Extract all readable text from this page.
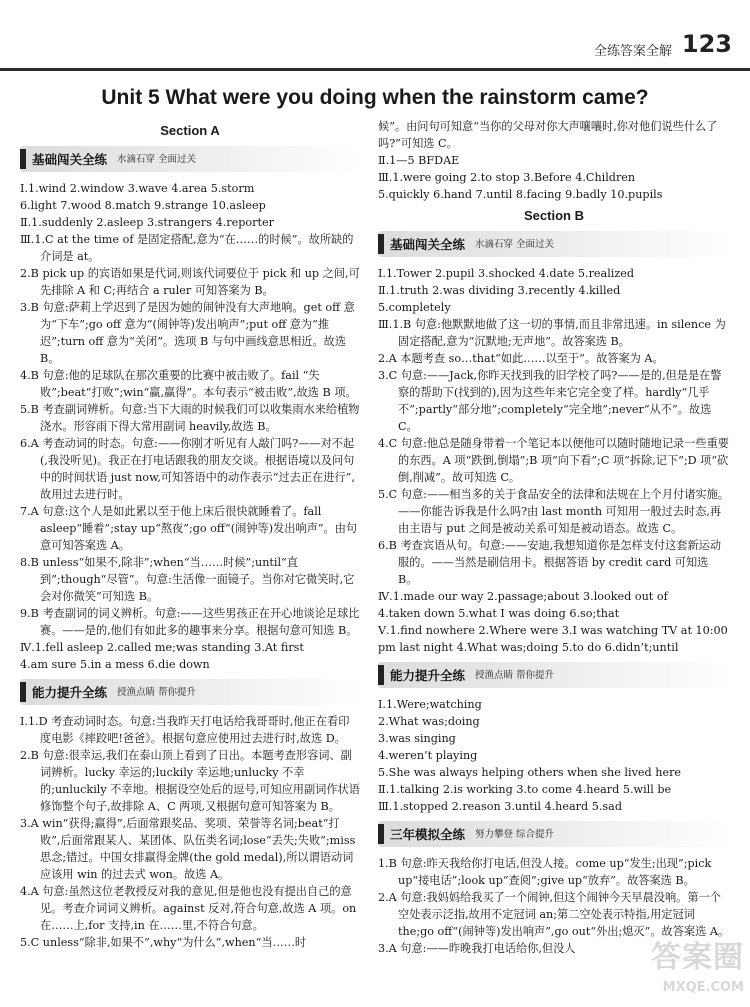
全练答案全解 123
Unit 5 What were you doing when the rainstorm came?
Section A
基础闯关全练 水滴石穿 全面过关

Ⅰ.1.wind 2.window 3.wave 4.area 5.storm

6.light 7.wood 8.match 9.strange 10.asleep

Ⅱ.1.suddenly 2.asleep 3.strangers 4.reporter

Ⅲ.1.C at the time of 是固定搭配,意为“在……的时候”。故所缺的介词是 at。

2.B pick up 的宾语如果是代词,则该代词要位于 pick 和 up 之间,可先排除 A 和 C;再结合 a ruler 可知答案为 B。

3.B 句意:萨莉上学迟到了是因为她的闹钟没有大声地响。get off 意为“下车”;go off 意为“(闹钟等)发出响声”;put off 意为“推迟”;turn off 意为“关闭”。选项 B 与句中画线意思相近。故选 B。

4.B 句意:他的足球队在那次重要的比赛中被击败了。fail “失败”;beat“打败”;win“赢,赢得”。本句表示“被击败”,故选 B 项。

5.B 考查副词辨析。句意:当下大雨的时候我们可以收集雨水来给植物浇水。形容雨下得大常用副词 heavily,故选 B。

6.A 考查动词的时态。句意:——你刚才听见有人敲门吗?——对不起(,我没听见)。我正在打电话跟我的朋友交谈。根据语境以及问句中的时间状语 just now,可知答语中的动作表示“过去正在进行”,故用过去进行时。

7.A 句意:这个人是如此累以至于他上床后很快就睡着了。fall asleep“睡着”;stay up“熬夜”;go off“(闹钟等)发出响声”。由句意可知答案选 A。

8.B unless“如果不,除非”;when“当……时候”;until“直到”;though“尽管”。句意:生活像一面镜子。当你对它微笑时,它会对你微笑”可知选 B。

9.B 考查副词的词义辨析。句意:——这些男孩正在开心地谈论足球比赛。——是的,他们有如此多的趣事来分享。根据句意可知选 B。

Ⅳ.1.fell asleep 2.called me;was standing 3.At first

4.am sure 5.in a mess 6.die down

能力提升全练 授渔点睛 帮你提升

Ⅰ.1.D 考查动词时态。句意:当我昨天打电话给我哥哥时,他正在看印度电影《摔跤吧!爸爸》。根据句意应使用过去进行时,故选 D。

2.B 句意:很幸运,我们在泰山顶上看到了日出。本题考查形容词、副词辨析。lucky 幸运的;luckily 幸运地;unlucky 不幸的;unluckily 不幸地。根据设空处后的逗号,可知应用副词作状语修饰整个句子,故排除 A、C 两项,又根据句意可知答案为 B。

3.A win“获得;赢得”,后面常跟奖品、奖项、荣誉等名词;beat“打败”,后面常跟某人、某团体、队伍类名词;lose“丢失;失败”;miss 思念;错过。中国女排赢得金牌(the gold medal),所以谓语动词应该用 win 的过去式 won。故选 A。

4.A 句意:虽然这位老教授反对我的意见,但是他也没有提出自己的意见。考查介词词义辨析。against 反对,符合句意,故选 A 项。on 在……上,for 支持,in 在……里,不符合句意。

5.C unless“除非,如果不”,why“为什么”,when“当……时

候”。由问句可知意“当你的父母对你大声嚷嚷时,你对他们说些什么了吗?”可知选 C。

Ⅱ.1—5 BFDAE

Ⅲ.1.were going 2.to stop 3.Before 4.Children

5.quickly 6.hand 7.until 8.facing 9.badly 10.pupils

Section B
基础闯关全练 水滴石穿 全面过关

Ⅰ.1.Tower 2.pupil 3.shocked 4.date 5.realized

Ⅱ.1.truth 2.was dividing 3.recently 4.killed

5.completely

Ⅲ.1.B 句意:他默默地做了这一切的事情,而且非常迅速。in silence 为固定搭配,意为“沉默地;无声地”。故答案选 B。

2.A 本题考查 so…that“如此……以至于”。故答案为 A。

3.C 句意:——Jack,你昨天找到我的旧学校了吗?——是的,但是是在警察的帮助下(找到的),因为这些年来它完全变了样。hardly“几乎不”;partly“部分地”;completely“完全地”;never“从不”。故选 C。

4.C 句意:他总是随身带着一个笔记本以便他可以随时随地记录一些重要的东西。A 项“跌倒,倒塌”;B 项“向下看”;C 项“拆除,记下”;D 项“砍倒,削减”。故可知选 C。

5.C 句意:——相当多的关于食品安全的法律和法规在上个月付诸实施。——你能告诉我是什么吗?由 last month 可知用一般过去时态,再由主语与 put 之间是被动关系可知是被动语态。故选 C。

6.B 考查宾语从句。句意:——安迪,我想知道你是怎样支付这套新运动服的。——当然是刷信用卡。根据答语 by credit card 可知选 B。

Ⅳ.1.made our way 2.passage;about 3.looked out of

4.taken down 5.what I was doing 6.so;that

Ⅴ.1.find nowhere 2.Where were 3.I was watching TV at 10:00 pm last night 4.What was;doing 5.to do 6.didn’t;until

能力提升全练 授渔点睛 帮你提升

Ⅰ.1.Were;watching

2.What was;doing

3.was singing

4.weren’t playing

5.She was always helping others when she lived here

Ⅱ.1.talking 2.is working 3.to come 4.heard 5.will be

Ⅲ.1.stopped 2.reason 3.until 4.heard 5.sad

三年模拟全练 努力攀登 综合提升

1.B 句意:昨天我给你打电话,但没人接。come up“发生;出现”;pick up“接电话”;look up“查阅”;give up“放弃”。故答案选 B。

2.A 句意:我妈妈给我买了一个闹钟,但这个闹钟今天早晨没响。第一个空处表示泛指,故用不定冠词 an;第二空处表示特指,用定冠词 the;go off“(闹钟等)发出响声”,go out“外出;熄灭”。故答案选 A。

3.A 句意:——昨晚我打电话给你,但没人	答案圈
MXQE.COM
